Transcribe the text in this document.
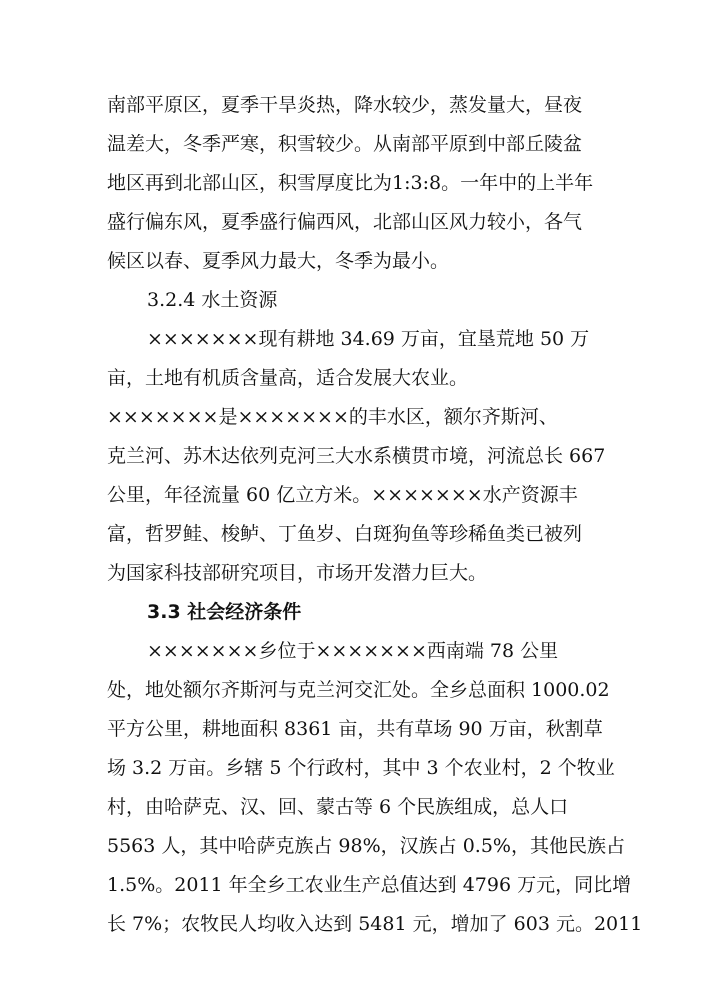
南部平原区，夏季干旱炎热，降水较少，蒸发量大，昼夜
温差大，冬季严寒，积雪较少。从南部平原到中部丘陵盆
地区再到北部山区，积雪厚度比为1:3:8。一年中的上半年
盛行偏东风，夏季盛行偏西风，北部山区风力较小，各气
候区以春、夏季风力最大，冬季为最小。
3.2.4 水土资源
×××××××现有耕地 34.69 万亩，宜垦荒地 50 万
亩，土地有机质含量高，适合发展大农业。
×××××××是×××××××的丰水区，额尔齐斯河、
克兰河、苏木达依列克河三大水系横贯市境，河流总长 667
公里，年径流量 60 亿立方米。×××××××水产资源丰
富，哲罗鲑、梭鲈、丁鱼岁、白斑狗鱼等珍稀鱼类已被列
为国家科技部研究项目，市场开发潜力巨大。
3.3 社会经济条件
×××××××乡位于×××××××西南端 78 公里
处，地处额尔齐斯河与克兰河交汇处。全乡总面积 1000.02
平方公里，耕地面积 8361 亩，共有草场 90 万亩，秋割草
场 3.2 万亩。乡辖 5 个行政村，其中 3 个农业村，2 个牧业
村，由哈萨克、汉、回、蒙古等 6 个民族组成，总人口
5563 人，其中哈萨克族占 98%，汉族占 0.5%，其他民族占
1.5%。2011 年全乡工农业生产总值达到 4796 万元，同比增
长 7%；农牧民人均收入达到 5481 元，增加了 603 元。2011
